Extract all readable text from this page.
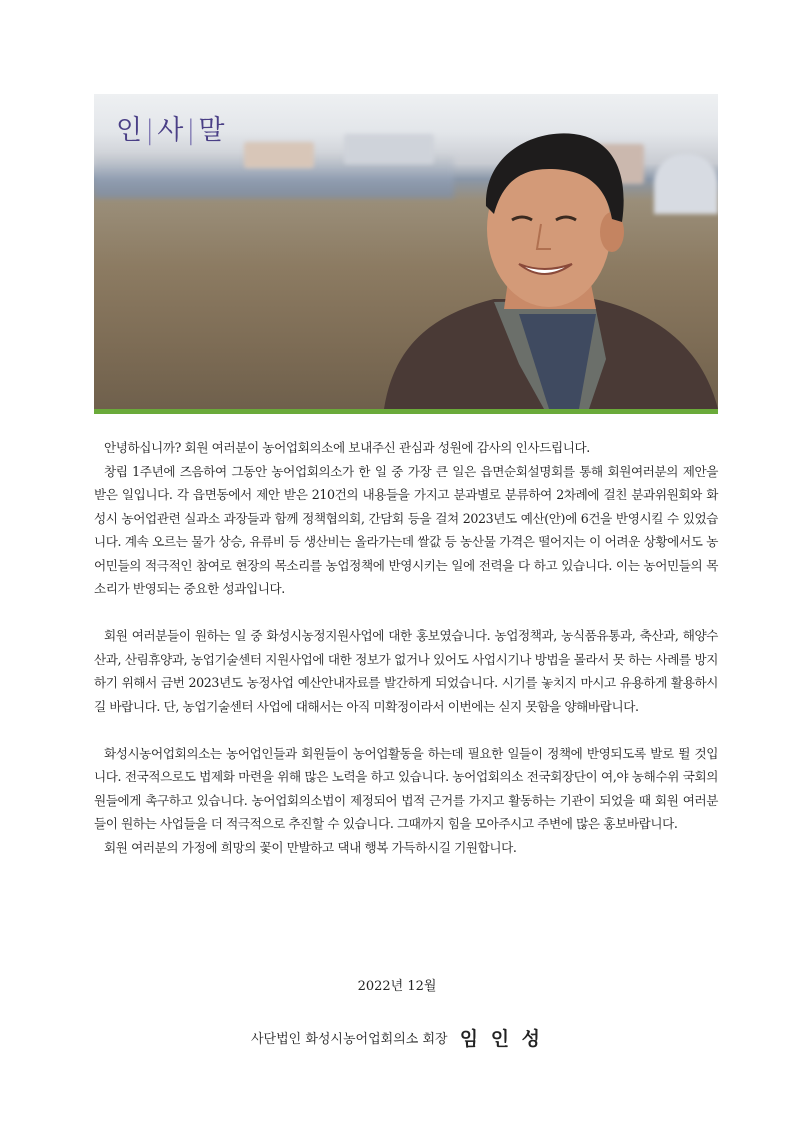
인|사|말

안녕하십니까? 회원 여러분이 농어업회의소에 보내주신 관심과 성원에 감사의 인사드립니다.

창립 1주년에 즈음하여 그동안 농어업회의소가 한 일 중 가장 큰 일은 읍면순회설명회를 통해 회원여러분의 제안을 받은 일입니다. 각 읍면동에서 제안 받은 210건의 내용들을 가지고 분과별로 분류하여 2차례에 걸친 분과위원회와 화성시 농어업관련 실과소 과장들과 함께 정책협의회, 간담회 등을 걸쳐 2023년도 예산(안)에 6건을 반영시킬 수 있었습니다. 계속 오르는 물가 상승, 유류비 등 생산비는 올라가는데 쌀값 등 농산물 가격은 떨어지는 이 어려운 상황에서도 농어민들의 적극적인 참여로 현장의 목소리를 농업정책에 반영시키는 일에 전력을 다 하고 있습니다. 이는 농어민들의 목소리가 반영되는 중요한 성과입니다.

회원 여러분들이 원하는 일 중 화성시농정지원사업에 대한 홍보였습니다. 농업정책과, 농식품유통과, 축산과, 해양수산과, 산림휴양과, 농업기술센터 지원사업에 대한 정보가 없거나 있어도 사업시기나 방법을 몰라서 못 하는 사례를 방지하기 위해서 금번 2023년도 농정사업 예산안내자료를 발간하게 되었습니다. 시기를 놓치지 마시고 유용하게 활용하시길 바랍니다. 단, 농업기술센터 사업에 대해서는 아직 미확정이라서 이번에는 싣지 못함을 양해바랍니다.

화성시농어업회의소는 농어업인들과 회원들이 농어업활동을 하는데 필요한 일들이 정책에 반영되도록 발로 뛸 것입니다. 전국적으로도 법제화 마련을 위해 많은 노력을 하고 있습니다. 농어업회의소 전국회장단이 여,야 농해수위 국회의원들에게 촉구하고 있습니다. 농어업회의소법이 제정되어 법적 근거를 가지고 활동하는 기관이 되었을 때 회원 여러분들이 원하는 사업들을 더 적극적으로 추진할 수 있습니다. 그때까지 힘을 모아주시고 주변에 많은 홍보바랍니다.

회원 여러분의 가정에 희망의 꽃이 만발하고 댁내 행복 가득하시길 기원합니다.

2022년 12월
사단법인 화성시농어업회의소 회장 임 인 성
